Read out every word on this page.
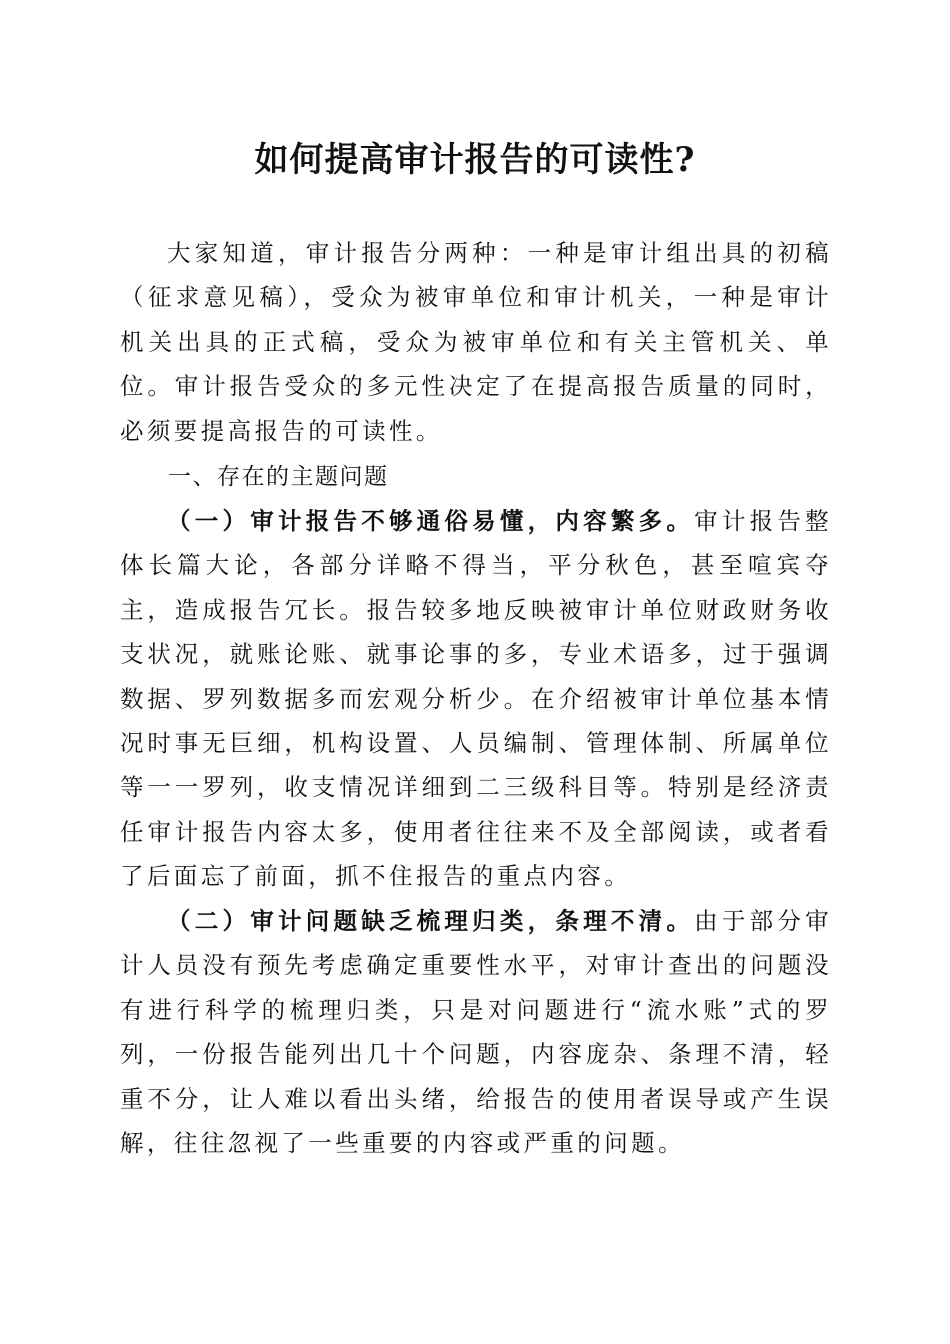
如何提高审计报告的可读性?

大家知道，审计报告分两种：一种是审计组出具的初稿（征求意见稿），受众为被审单位和审计机关，一种是审计机关出具的正式稿，受众为被审单位和有关主管机关、单位。审计报告受众的多元性决定了在提高报告质量的同时，必须要提高报告的可读性。

一、存在的主题问题

（一）审计报告不够通俗易懂，内容繁多。审计报告整体长篇大论，各部分详略不得当，平分秋色，甚至喧宾夺主，造成报告冗长。报告较多地反映被审计单位财政财务收支状况，就账论账、就事论事的多，专业术语多，过于强调数据、罗列数据多而宏观分析少。在介绍被审计单位基本情况时事无巨细，机构设置、人员编制、管理体制、所属单位等一一罗列，收支情况详细到二三级科目等。特别是经济责任审计报告内容太多，使用者往往来不及全部阅读，或者看了后面忘了前面，抓不住报告的重点内容。

（二）审计问题缺乏梳理归类，条理不清。由于部分审计人员没有预先考虑确定重要性水平，对审计查出的问题没有进行科学的梳理归类，只是对问题进行“流水账”式的罗列，一份报告能列出几十个问题，内容庞杂、条理不清，轻重不分，让人难以看出头绪，给报告的使用者误导或产生误解，往往忽视了一些重要的内容或严重的问题。
